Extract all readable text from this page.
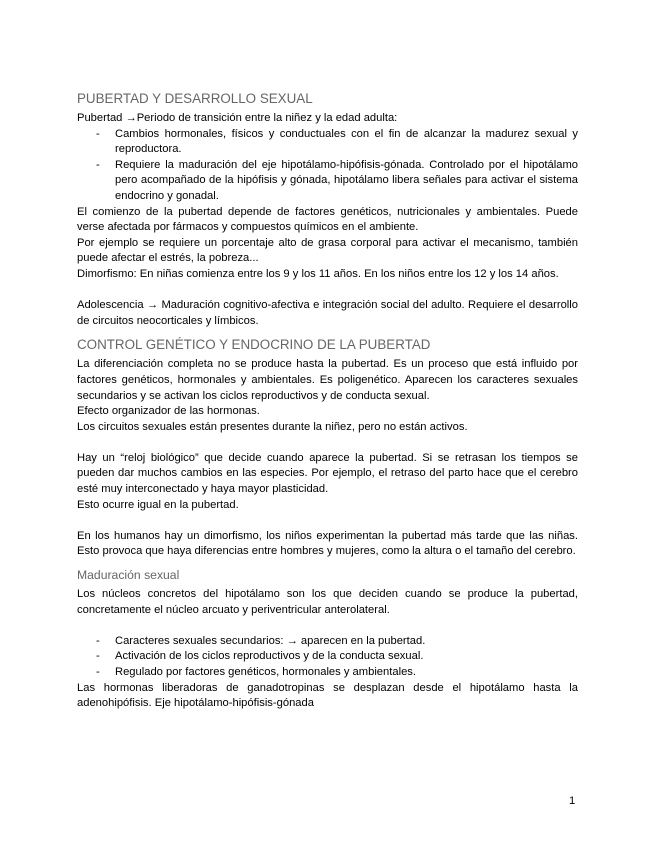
PUBERTAD Y DESARROLLO SEXUAL

Pubertad →Periodo de transición entre la niñez y la edad adulta:

- Cambios hormonales, físicos y conductuales con el fin de alcanzar la madurez sexual y reproductora.
- Requiere la maduración del eje hipotálamo-hipófisis-gónada. Controlado por el hipotálamo pero acompañado de la hipófisis y gónada, hipotálamo libera señales para activar el sistema endocrino y gonadal.

El comienzo de la pubertad depende de factores genéticos, nutricionales y ambientales. Puede verse afectada por fármacos y compuestos químicos en el ambiente.

Por ejemplo se requiere un porcentaje alto de grasa corporal para activar el mecanismo, también puede afectar el estrés, la pobreza...

Dimorfismo: En niñas comienza entre los 9 y los 11 años. En los niños entre los 12 y los 14 años.

Adolescencia → Maduración cognitivo-afectiva e integración social del adulto. Requiere el desarrollo de circuitos neocorticales y límbicos.

CONTROL GENÉTICO Y ENDOCRINO DE LA PUBERTAD

La diferenciación completa no se produce hasta la pubertad. Es un proceso que está influido por factores genéticos, hormonales y ambientales. Es poligenético. Aparecen los caracteres sexuales secundarios y se activan los ciclos reproductivos y de conducta sexual.

Efecto organizador de las hormonas.

Los circuitos sexuales están presentes durante la niñez, pero no están activos.

Hay un “reloj biológico” que decide cuando aparece la pubertad. Si se retrasan los tiempos se pueden dar muchos cambios en las especies. Por ejemplo, el retraso del parto hace que el cerebro esté muy interconectado y haya mayor plasticidad.

Esto ocurre igual en la pubertad.

En los humanos hay un dimorfismo, los niños experimentan la pubertad más tarde que las niñas. Esto provoca que haya diferencias entre hombres y mujeres, como la altura o el tamaño del cerebro.

Maduración sexual

Los núcleos concretos del hipotálamo son los que deciden cuando se produce la pubertad, concretamente el núcleo arcuato y periventricular anterolateral.

- Caracteres sexuales secundarios: → aparecen en la pubertad.
- Activación de los ciclos reproductivos y de la conducta sexual.
- Regulado por factores genéticos, hormonales y ambientales.

Las hormonas liberadoras de ganadotropinas se desplazan desde el hipotálamo hasta la adenohipófisis. Eje hipotálamo-hipófisis-gónada

1
